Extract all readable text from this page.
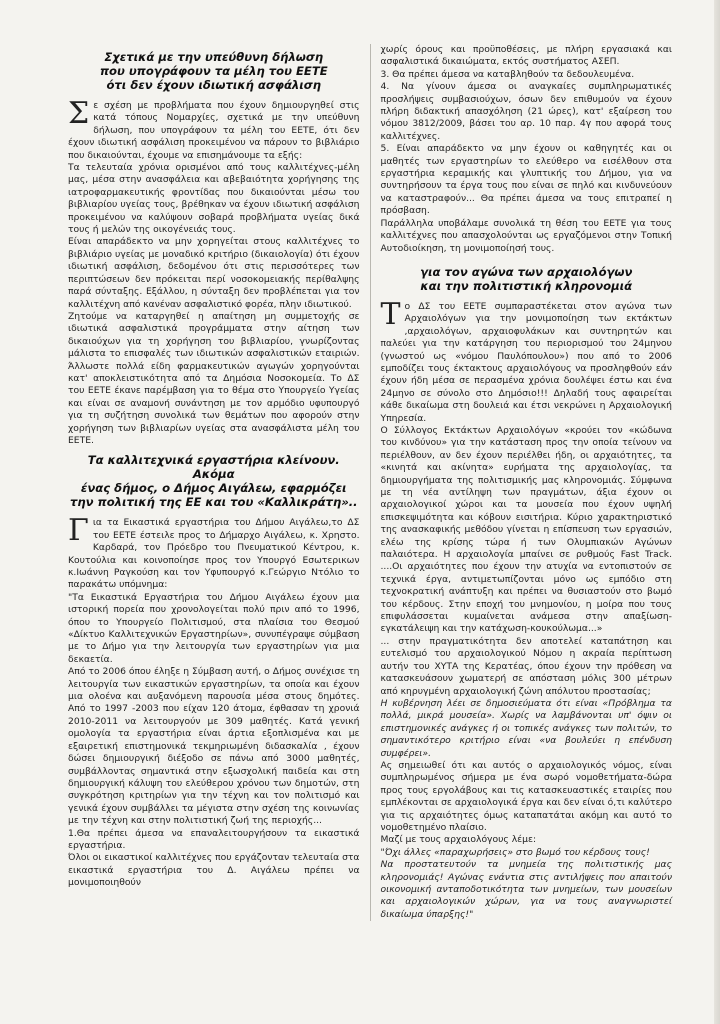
Σχετικά με την υπεύθυνη δήλωση
που υπογράφουν τα μέλη του ΕΕΤΕ
ότι δεν έχουν ιδιωτική ασφάλιση
Σ ε σχέση με προβλήματα που έχουν δημιουργηθεί στις κατά τόπους Νομαρχίες, σχετικά με την υπεύθυνη δήλωση, που υπογράφουν τα μέλη του ΕΕΤΕ, ότι δεν έχουν ιδιωτική ασφάλιση προκειμένου να πάρουν το βιβλιάριο που δικαιούνται, έχουμε να επισημάνουμε τα εξής:

Τα τελευταία χρόνια ορισμένοι από τους καλλιτέχνες-μέλη μας, μέσα στην ανασφάλεια και αβεβαιότητα χορήγησης της ιατροφαρμακευτικής φροντίδας που δικαιούνται μέσω του βιβλιαρίου υγείας τους, βρέθηκαν να έχουν ιδιωτική ασφάλιση προκειμένου να καλύψουν σοβαρά προβλήματα υγείας δικά τους ή μελών της οικογένειάς τους.

Είναι απαράδεκτο να μην χορηγείται στους καλλιτέχνες το βιβλιάριο υγείας με μοναδικό κριτήριο (δικαιολογία) ότι έχουν ιδιωτική ασφάλιση, δεδομένου ότι στις περισσότερες των περιπτώσεων δεν πρόκειται περί νοσοκομειακής περίθαλψης παρά σύνταξης. Εξάλλου, η σύνταξη δεν προβλέπεται για τον καλλιτέχνη από κανέναν ασφαλιστικό φορέα, πλην ιδιωτικού.

Ζητούμε να καταργηθεί η απαίτηση μη συμμετοχής σε ιδιωτικά ασφαλιστικά προγράμματα στην αίτηση των δικαιούχων για τη χορήγηση του βιβλιαρίου, γνωρίζοντας μάλιστα το επισφαλές των ιδιωτικών ασφαλιστικών εταιριών. Άλλωστε πολλά είδη φαρμακευτικών αγωγών χορηγούνται κατ' αποκλειστικότητα από τα Δημόσια Νοσοκομεία. Το ΔΣ του ΕΕΤΕ έκανε παρέμβαση για το θέμα στο Υπουργείο Υγείας και είναι σε αναμονή συνάντηση με τον αρμόδιο υφυπουργό για τη συζήτηση συνολικά των θεμάτων που αφορούν στην χορήγηση των βιβλιαρίων υγείας στα ανασφάλιστα μέλη του ΕΕΤΕ.

Τα καλλιτεχνικά εργαστήρια κλείνουν. Ακόμα
ένας δήμος, ο Δήμος Αιγάλεω, εφαρμόζει
την πολιτική της ΕΕ και του «Καλλικράτη»..
Γ ια τα Εικαστικά εργαστήρια του Δήμου Αιγάλεω,το ΔΣ του ΕΕΤΕ έστειλε προς το Δήμαρχο Αιγάλεω, κ. Χρηστο. Καρδαρά, τον Πρόεδρο του Πνευματικού Κέντρου, κ. Κουτούλια και κοινοποίησε προς τον Υπουργό Εσωτερικων κ.Ιωάννη Ραγκούση και τον Υφυπουργό κ.Γεώργιο Ντόλιο το παρακάτω υπόμνημα:

"Τα Εικαστικά Εργαστήρια του Δήμου Αιγάλεω έχουν μια ιστορική πορεία που χρονολογείται πολύ πριν από το 1996, όπου το Υπουργείο Πολιτισμού, στα πλαίσια του Θεσμού «Δίκτυο Καλλιτεχνικών Εργαστηρίων», συνυπέγραψε σύμβαση με το Δήμο για την λειτουργία των εργαστηρίων για μια δεκαετία.

Από το 2006 όπου έληξε η Σύμβαση αυτή, ο Δήμος συνέχισε τη λειτουργία των εικαστικών εργαστηρίων, τα οποία και έχουν μια ολοένα και αυξανόμενη παρουσία μέσα στους δημότες. Από το 1997 -2003 που είχαν 120 άτομα, έφθασαν τη χρονιά 2010-2011 να λειτουργούν με 309 μαθητές. Κατά γενική ομολογία τα εργαστήρια είναι άρτια εξοπλισμένα και με εξαιρετική επιστημονικά τεκμηριωμένη διδασκαλία , έχουν δώσει δημιουργική διέξοδο σε πάνω από 3000 μαθητές, συμβάλλοντας σημαντικά στην εξωσχολική παιδεία και στη δημιουργική κάλυψη του ελεύθερου χρόνου των δημοτών, στη συγκρότηση κριτηρίων για την τέχνη και τον πολιτισμό και γενικά έχουν συμβάλλει τα μέγιστα στην σχέση της κοινωνίας με την τέχνη και στην πολιτιστική ζωή της περιοχής...

1.Θα πρέπει άμεσα να επαναλειτουργήσουν τα εικαστικά εργαστήρια.

Όλοι οι εικαστικοί καλλιτέχνες που εργάζονταν τελευταία στα εικαστικά εργαστήρια του Δ. Αιγάλεω πρέπει να μονιμοποιηθούν

χωρίς όρους και προϋποθέσεις, με πλήρη εργασιακά και ασφαλιστικά δικαιώματα, εκτός συστήματος ΑΣΕΠ.

3. Θα πρέπει άμεσα να καταβληθούν τα δεδουλευμένα.

4. Να γίνουν άμεσα οι αναγκαίες συμπληρωματικές προσλήψεις συμβασιούχων, όσων δεν επιθυμούν να έχουν πλήρη διδακτική απασχόληση (21 ώρες), κατ' εξαίρεση του νόμου 3812/2009, βάσει του αρ. 10 παρ. 4γ που αφορά τους καλλιτέχνες.

5. Είναι απαράδεκτο να μην έχουν οι καθηγητές και οι μαθητές των εργαστηρίων το ελεύθερο να εισέλθουν στα εργαστήρια κεραμικής και γλυπτικής του Δήμου, για να συντηρήσουν τα έργα τους που είναι σε πηλό και κινδυνεύουν να καταστραφούν... Θα πρέπει άμεσα να τους επιτραπεί η πρόσβαση.

Παράλληλα υποβάλαμε συνολικά τη θέση του ΕΕΤΕ για τους καλλιτέχνες που απασχολούνται ως εργαζόμενοι στην Τοπική Αυτοδιοίκηση, τη μονιμοποίησή τους.

για τον αγώνα των αρχαιολόγων
και την πολιτιστική κληρονομιά
Τ ο ΔΣ του ΕΕΤΕ συμπαραστέκεται στον αγώνα των Αρχαιολόγων για την μονιμοποίηση των εκτάκτων ,αρχαιολόγων, αρχαιοφυλάκων και συντηρητών και παλεύει για την κατάργηση του περιορισμού του 24μηνου (γνωστού ως «νόμου Παυλόπουλου») που από το 2006 εμποδίζει τους έκτακτους αρχαιολόγους να προσληφθούν εάν έχουν ήδη μέσα σε περασμένα χρόνια δουλέψει έστω και ένα 24μηνο σε σύνολο στο Δημόσιο!!! Δηλαδή τους αφαιρείται κάθε δικαίωμα στη δουλειά και έτσι νεκρώνει η Αρχαιολογική Υπηρεσία.

Ο Σύλλογος Εκτάκτων Αρχαιολόγων «κρούει τον «κώδωνα του κινδύνου» για την κατάσταση προς την οποία τείνουν να περιέλθουν, αν δεν έχουν περιέλθει ήδη, οι αρχαιότητες, τα «κινητά και ακίνητα» ευρήματα της αρχαιολογίας, τα δημιουργήματα της πολιτισμικής μας κληρονομιάς. Σύμφωνα με τη νέα αντίληψη των πραγμάτων, άξια έχουν οι αρχαιολογικοί χώροι και τα μουσεία που έχουν υψηλή επισκεψιμότητα και κόβουν εισιτήρια. Κύριο χαρακτηριστικό της ανασκαφικής μεθόδου γίνεται η επίσπευση των εργασιών, ελέω της κρίσης τώρα ή των Ολυμπιακών Αγώνων παλαιότερα. Η αρχαιολογία μπαίνει σε ρυθμούς Fast Track. ....Οι αρχαιότητες που έχουν την ατυχία να εντοπιστούν σε τεχνικά έργα, αντιμετωπίζονται μόνο ως εμπόδιο στη τεχνοκρατική ανάπτυξη και πρέπει να θυσιαστούν στο βωμό του κέρδους. Στην εποχή του μνημονίου, η μοίρα που τους επιφυλάσσεται κυμαίνεται ανάμεσα στην απαξίωση-εγκατάλειψη και την κατάχωση-κουκούλωμα...»

... στην πραγματικότητα δεν αποτελεί καταπάτηση και ευτελισμό του αρχαιολογικού Νόμου η ακραία περίπτωση αυτήν του ΧΥΤΑ της Κερατέας, όπου έχουν την πρόθεση να κατασκευάσουν χωματερή σε απόσταση μόλις 300 μέτρων από κηρυγμένη αρχαιολογική ζώνη απόλυτου προστασίας;

Η κυβέρνηση λέει σε δημοσιεύματα ότι είναι «Πρόβλημα τα πολλά, μικρά μουσεία». Χωρίς να λαμβάνονται υπ' όψιν οι επιστημονικές ανάγκες ή οι τοπικές ανάγκες των πολιτών, το σημαντικότερο κριτήριο είναι «να βουλεύει η επένδυση συμφέρει».

Ας σημειωθεί ότι και αυτός ο αρχαιολογικός νόμος, είναι συμπληρωμένος σήμερα με ένα σωρό νομοθετήματα-δώρα προς τους εργολάβους και τις κατασκευαστικές εταιρίες που εμπλέκονται σε αρχαιολογικά έργα και δεν είναι ό,τι καλύτερο για τις αρχαιότητες όμως καταπατάται ακόμη και αυτό το νομοθετημένο πλαίσιο.

Μαζί με τους αρχαιολόγους λέμε:

"Όχι άλλες «παραχωρήσεις» στο βωμό του κέρδους τους!

Να προστατευτούν τα μνημεία της πολιτιστικής μας κληρονομιάς! Αγώνας ενάντια στις αντιλήψεις που απαιτούν οικονομική ανταποδοτικότητα των μνημείων, των μουσείων και αρχαιολογικών χώρων, για να τους αναγνωριστεί δικαίωμα ύπαρξης!"
